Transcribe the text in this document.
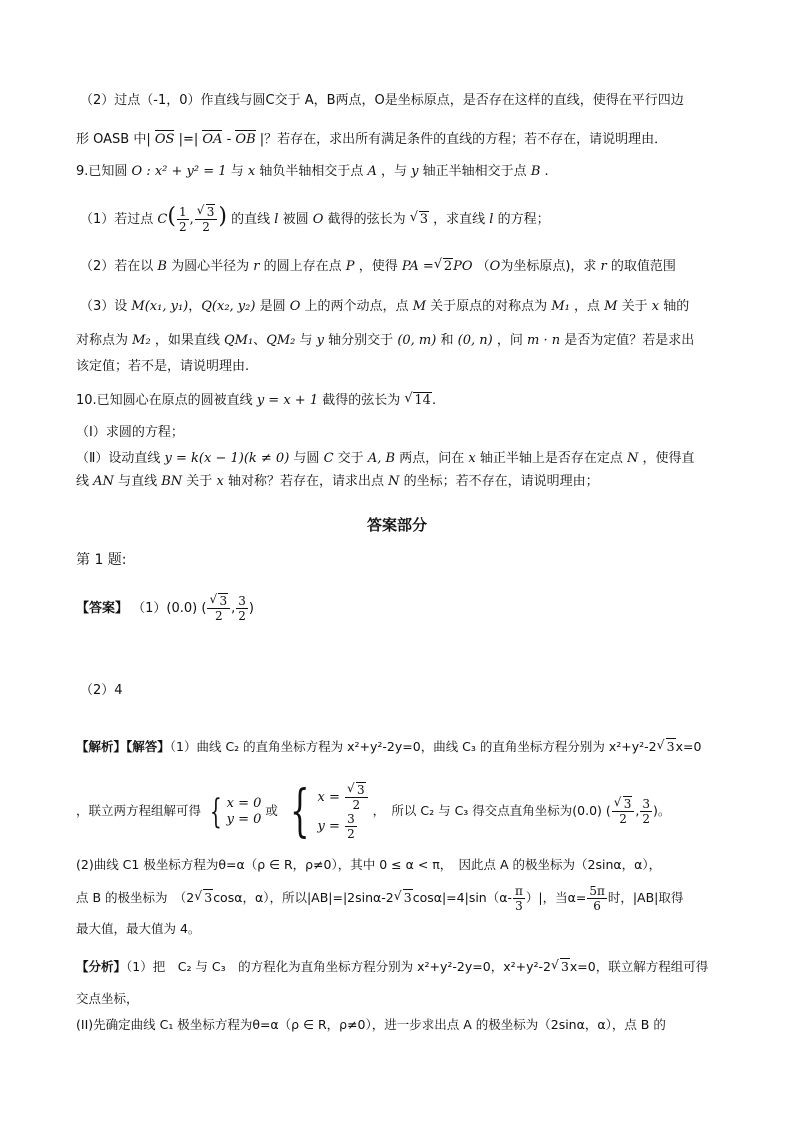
（2）过点（-1，0）作直线与圆C交于 A，B两点，O是坐标原点，是否存在这样的直线，使得在平行四边
形 OASB 中| OS |=| OA - OB |？若存在，求出所有满足条件的直线的方程；若不存在，请说明理由．
9.已知圆 O : x² + y² = 1 与 x 轴负半轴相交于点 A ，与 y 轴正半轴相交于点 B .
（1）若过点 $C( \frac{1}{2}$ , √ $\frac{3}{2}$ ) 的直线 l 被圆 O 截得的弦长为 √ 3 ，求直线 l 的方程；
（2）若在以 B 为圆心半径为 r 的圆上存在点 P ，使得 PA = √ 2PO （O为坐标原点)，求 r 的取值范围
（3）设 M(x₁, y₁)，Q(x₂, y₂) 是圆 O 上的两个动点，点 M 关于原点的对称点为 M₁ ，点 M 关于 x 轴的
对称点为 M₂ ，如果直线 QM₁、QM₂ 与 y 轴分别交于 (0, m) 和 (0, n) ，问 m · n 是否为定值？若是求出
该定值；若不是，请说明理由.
10.已知圆心在原点的圆被直线 y = x + 1 截得的弦长为 √ 14.
（Ⅰ）求圆的方程；
（Ⅱ）设动直线 y = k(x − 1)(k ≠ 0) 与圆 C 交于 A, B 两点，问在 x 轴正半轴上是否存在定点 N ，使得直
线 AN 与直线 BN 关于 x 轴对称？若存在，请求出点 N 的坐标；若不存在，请说明理由；
答案部分
第 1 题:
【答案】 （1）(0.0) ( √ $\frac{3}{2}$ , $\frac{3}{2}$ )
（2）4
【解析】【解答】（1）曲线 C₂ 的直角坐标方程为 x²+y²-2y=0，曲线 C₃ 的直角坐标方程分别为 x²+y²-2 √ 3x=0
，联立两方程组解可得 { x = 0
y = 0
或 { x = √ $\frac{3}{2}$
$y = \frac{3}{2}$
，　所以 C₂ 与 C₃ 得交点直角坐标为(0.0) ( √ $\frac{3}{2}$ , $\frac{3}{2}$ )。
(2)曲线 C1 极坐标方程为θ=α（ρ ∈ R，ρ≠0），其中 0 ≤ α < π，　因此点 A 的极坐标为（2sinα，α），
点 B 的极坐标为　（2 √ 3cosα，α），所以|AB|=|2sinα-2 √ $3\cos\alpha|=4|\sin(\alpha- \frac{\pi}{3}$ ）|，当$\alpha= \frac{5\pi}{6}$ 时，|AB|取得
最大值，最大值为 4。
【分析】（1）把　C₂ 与 C₃　的方程化为直角坐标方程分别为 x²+y²-2y=0，x²+y²-2 √ 3x=0，联立解方程组可得
交点坐标，
(II)先确定曲线 C₁ 极坐标方程为θ=α（ρ ∈ R，ρ≠0），进一步求出点 A 的极坐标为（2sinα，α），点 B 的
